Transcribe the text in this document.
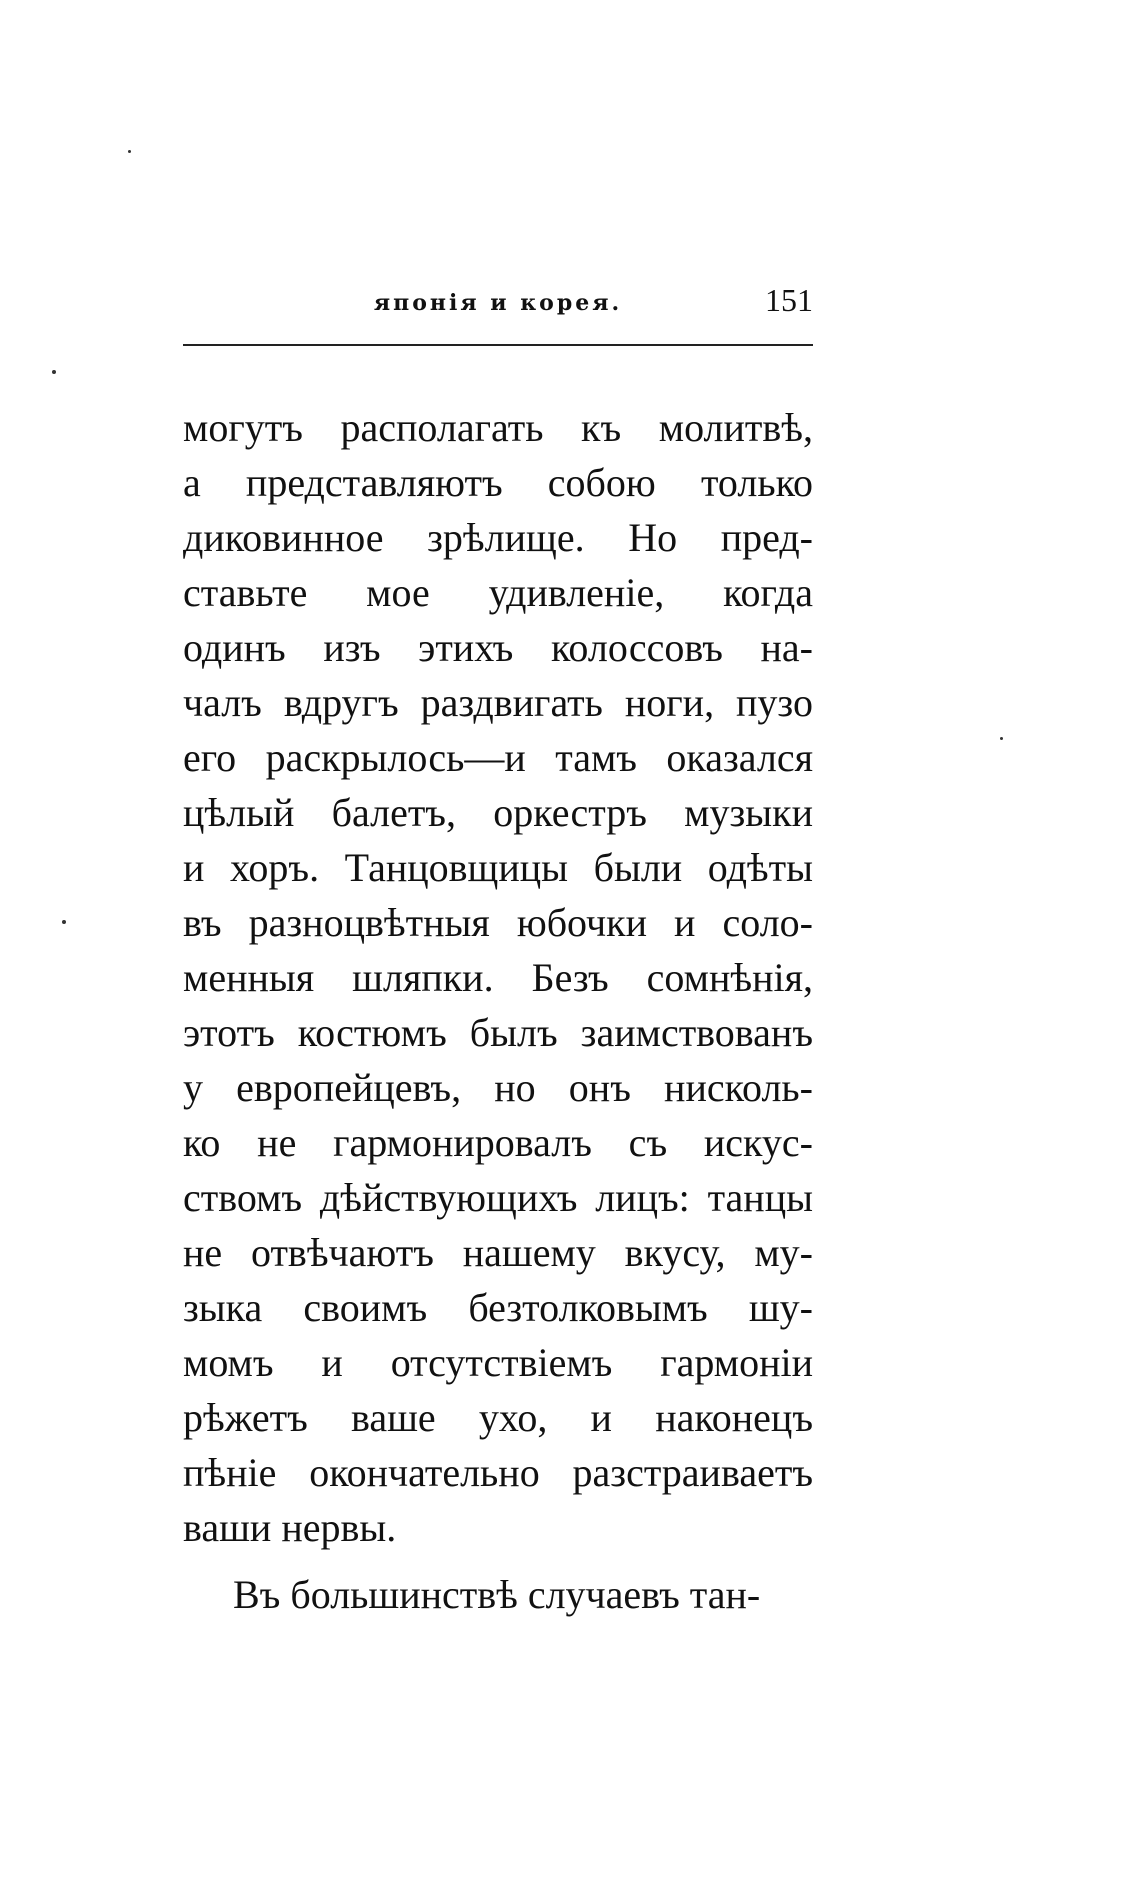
японія и корея.	151
могутъ располагать къ молитвѣ,
а представляютъ собою только
диковинное зрѣлище. Но пред-
ставьте мое удивленіе, когда
одинъ изъ этихъ колоссовъ на-
чалъ вдругъ раздвигать ноги, пузо
его раскрылось—и тамъ оказался
цѣлый балетъ, оркестръ музыки
и хоръ. Танцовщицы были одѣты
въ разноцвѣтныя юбочки и соло-
менныя шляпки. Безъ сомнѣнія,
этотъ костюмъ былъ заимствованъ
у европейцевъ, но онъ нисколь-
ко не гармонировалъ съ искус-
ствомъ дѣйствующихъ лицъ: танцы
не отвѣчаютъ нашему вкусу, му-
зыка своимъ безтолковымъ шу-
момъ и отсутствіемъ гармоніи
рѣжетъ ваше ухо, и наконецъ
пѣніе окончательно разстраиваетъ
ваши нервы.
Въ большинствѣ случаевъ тан-
